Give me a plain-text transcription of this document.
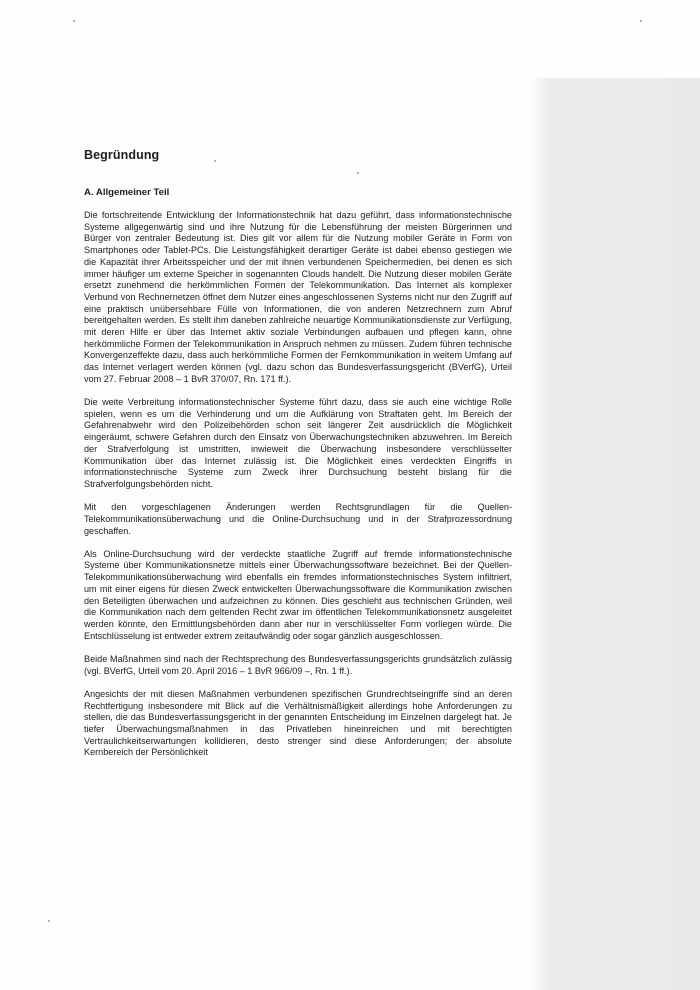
Begründung
A. Allgemeiner Teil

Die fortschreitende Entwicklung der Informationstechnik hat dazu geführt, dass informationstechnische Systeme allgegenwärtig sind und ihre Nutzung für die Lebensführung der meisten Bürgerinnen und Bürger von zentraler Bedeutung ist. Dies gilt vor allem für die Nutzung mobiler Geräte in Form von Smartphones oder Tablet-PCs. Die Leistungsfähigkeit derartiger Geräte ist dabei ebenso gestiegen wie die Kapazität ihrer Arbeitsspeicher und der mit ihnen verbundenen Speichermedien, bei denen es sich immer häufiger um externe Speicher in sogenannten Clouds handelt. Die Nutzung dieser mobilen Geräte ersetzt zunehmend die herkömmlichen Formen der Telekommunikation. Das Internet als komplexer Verbund von Rechnernetzen öffnet dem Nutzer eines angeschlossenen Systems nicht nur den Zugriff auf eine praktisch unübersehbare Fülle von Informationen, die von anderen Netzrechnern zum Abruf bereitgehalten werden. Es stellt ihm daneben zahlreiche neuartige Kommunikationsdienste zur Verfügung, mit deren Hilfe er über das Internet aktiv soziale Verbindungen aufbauen und pflegen kann, ohne herkömmliche Formen der Telekommunikation in Anspruch nehmen zu müssen. Zudem führen technische Konvergenzeffekte dazu, dass auch herkömmliche Formen der Fernkommunikation in weitem Umfang auf das Internet verlagert werden können (vgl. dazu schon das Bundesverfassungsgericht (BVerfG), Urteil vom 27. Februar 2008 – 1 BvR 370/07, Rn. 171 ff.).

Die weite Verbreitung informationstechnischer Systeme führt dazu, dass sie auch eine wichtige Rolle spielen, wenn es um die Verhinderung und um die Aufklärung von Straftaten geht. Im Bereich der Gefahrenabwehr wird den Polizeibehörden schon seit längerer Zeit ausdrücklich die Möglichkeit eingeräumt, schwere Gefahren durch den Einsatz von Überwachungstechniken abzuwehren. Im Bereich der Strafverfolgung ist umstritten, inwieweit die Überwachung insbesondere verschlüsselter Kommunikation über das Internet zulässig ist. Die Möglichkeit eines verdeckten Eingriffs in informationstechnische Systeme zum Zweck ihrer Durchsuchung besteht bislang für die Strafverfolgungsbehörden nicht.

Mit den vorgeschlagenen Änderungen werden Rechtsgrundlagen für die Quellen-Telekommunikationsüberwachung und die Online-Durchsuchung und in der Strafprozessordnung geschaffen.

Als Online-Durchsuchung wird der verdeckte staatliche Zugriff auf fremde informationstechnische Systeme über Kommunikationsnetze mittels einer Überwachungssoftware bezeichnet. Bei der Quellen-Telekommunikationsüberwachung wird ebenfalls ein fremdes informationstechnisches System infiltriert, um mit einer eigens für diesen Zweck entwickelten Überwachungssoftware die Kommunikation zwischen den Beteiligten überwachen und aufzeichnen zu können. Dies geschieht aus technischen Gründen, weil die Kommunikation nach dem geltenden Recht zwar im öffentlichen Telekommunikationsnetz ausgeleitet werden könnte, den Ermittlungsbehörden dann aber nur in verschlüsselter Form vorliegen würde. Die Entschlüsselung ist entweder extrem zeitaufwändig oder sogar gänzlich ausgeschlossen.

Beide Maßnahmen sind nach der Rechtsprechung des Bundesverfassungsgerichts grundsätzlich zulässig (vgl. BVerfG, Urteil vom 20. April 2016 – 1 BvR 966/09 –, Rn. 1 ff.).

Angesichts der mit diesen Maßnahmen verbundenen spezifischen Grundrechtseingriffe sind an deren Rechtfertigung insbesondere mit Blick auf die Verhältnismäßigkeit allerdings hohe Anforderungen zu stellen, die das Bundesverfassungsgericht in der genannten Entscheidung im Einzelnen dargelegt hat. Je tiefer Überwachungsmaßnahmen in das Privatleben hineinreichen und mit berechtigten Vertraulichkeitserwartungen kollidieren, desto strenger sind diese Anforderungen; der absolute Kernbereich der Persönlichkeit
